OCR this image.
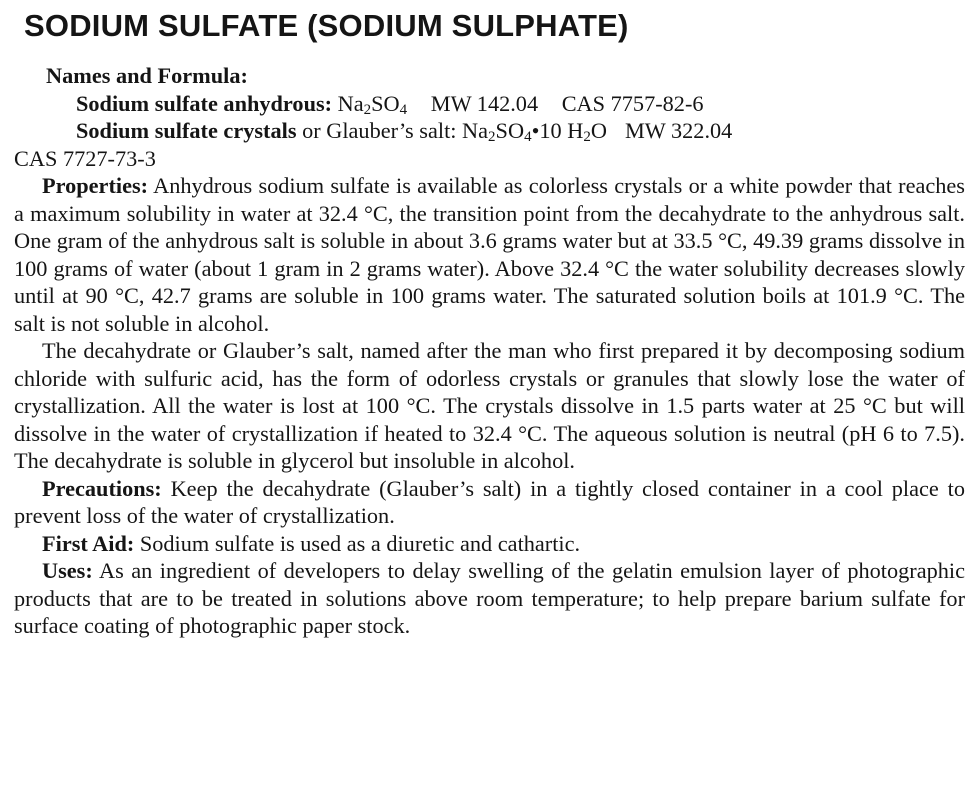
SODIUM SULFATE (SODIUM SULPHATE)
Names and Formula:
Sodium sulfate anhydrous: $Na_2SO_4$ MW 142.04 CAS 7757-82-6
Sodium sulfate crystals or Glauber’s salt: $Na_2SO_4•10$ $H_2O$ MW 322.04
CAS 7727-73-3

Properties: Anhydrous sodium sulfate is available as colorless crystals or a white powder that reaches a maximum solubility in water at 32.4 °C, the transition point from the decahydrate to the anhydrous salt. One gram of the anhydrous salt is soluble in about 3.6 grams water but at 33.5 °C, 49.39 grams dissolve in 100 grams of water (about 1 gram in 2 grams water). Above 32.4 °C the water solubility decreases slowly until at 90 °C, 42.7 grams are soluble in 100 grams water. The saturated solution boils at 101.9 °C. The salt is not soluble in alcohol.

The decahydrate or Glauber’s salt, named after the man who first prepared it by decomposing sodium chloride with sulfuric acid, has the form of odorless crystals or granules that slowly lose the water of crystallization. All the water is lost at 100 °C. The crystals dissolve in 1.5 parts water at 25 °C but will dissolve in the water of crystallization if heated to 32.4 °C. The aqueous solution is neutral (pH 6 to 7.5). The decahydrate is soluble in glycerol but insoluble in alcohol.

Precautions: Keep the decahydrate (Glauber’s salt) in a tightly closed container in a cool place to prevent loss of the water of crystallization.

First Aid: Sodium sulfate is used as a diuretic and cathartic.

Uses: As an ingredient of developers to delay swelling of the gelatin emulsion layer of photographic products that are to be treated in solutions above room temperature; to help prepare barium sulfate for surface coating of photographic paper stock.
